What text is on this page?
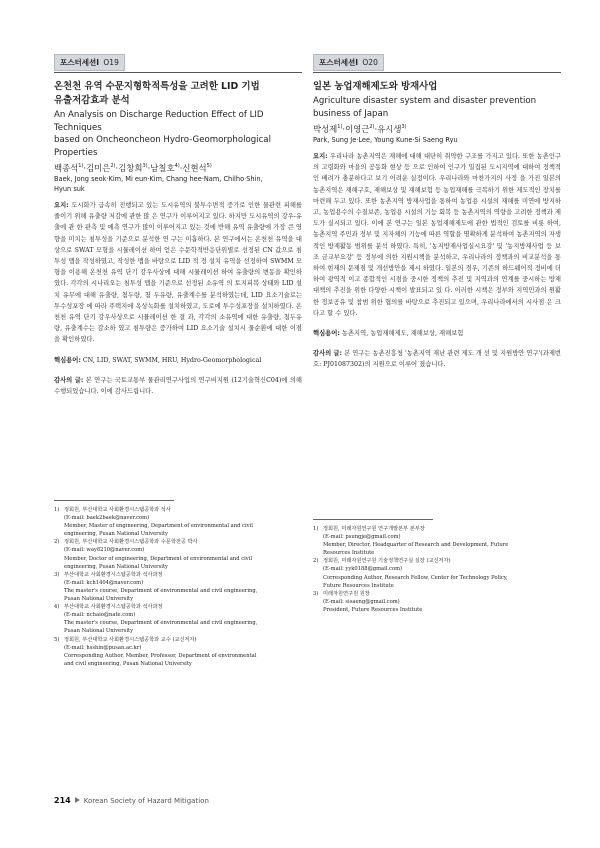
포스터세션Ⅰ O19
온천천 유역 수문지형학적특성을 고려한 LID 기법
유출저감효과 분석
An Analysis on Discharge Reduction Effect of LID Techniques
based on Oncheoncheon Hydro-Geomorphological
Properties
백종석$^{1)}$·김미은$^{2)}$·김창희$^{3)}$·남칠호$^{4)}$·신현석$^{5)}$
Baek, Jong seok·Kim, Mi eun·Kim, Chang hee·Nam, Chilho·Shin,
Hyun suk
요지: 도시화가 급속히 진행되고 있는 도시유역의 불투수면적 증가로 인한 물관련 피해를 줄이기 위해 유출량 저감에 관한 많 은 연구가 이루어지고 있다. 하지만 도시유역의 강우-유출에 관 한 관측 및 예측 연구가 많이 이루어지고 있는 것에 반해 유역 유출량에 가장 큰 영향을 미치는 침투성을 기준으로 분석한 연 구는 미흡하다. 본 연구에서는 온천천 유역을 대상으로 SWAT 모형을 시뮬레이션 하여 얻은 수문학적반응단위별로 선정된 CN 값으로 침투성 맵을 작성하였고, 작성한 맵을 바탕으로 LID 적 정 설치 유역을 선정하여 SWMM 모형을 이용해 온천천 유역 단기 강우사상에 대해 시뮬레이션 하여 유출량의 변동을 확인하 였다. 각각의 시나리오는 침투성 맵을 기준으로 선정된 소유역 의 토지피복 상태와 LID 설치 유무에 대해 유출량, 첨두량, 첨 두유량, 유출계수를 분석하였는데, LID 요소기술로는 투수성포장 에 따라 주택지에 옥상녹화를 설치하였고, 도로에 투수성포장을 설치하였다. 온천천 유역 단기 강우사상으로 시뮬레이션 한 결 과, 각각의 소유역에 대한 유출량, 첨두유량, 유출계수는 감소하 였고 침투량은 증가하여 LID 요소기술 설치시 물순환에 대한 이점을 확인하였다.
핵심용어: CN, LID, SWAT, SWMM, HRU, Hydro-Geomorphological
감사의 글: 본 연구는 국토교통부 물관리연구사업의 연구비지원 (12기술혁신C04)에 의해 수행되었습니다. 이에 감사드립니다.
1) 정회원, 부산대학교 사회환경시스템공학과 석사
(E-mail: baek2baek@naver.com)
Member, Master of engineering, Department of environmental and civil
engineering, Pusan National University
2) 정회원, 부산대학교 사회환경시스템공학과 수문학전공 박사
(E-mail: way8210@naver.com)
Member, Doctor of engineering, Department of environmental and civil
engineering, Pusan National University
3) 부산대학교 사회환경시스템공학과 석사과정
(E-mail: kch1404@naver.com)
The master's course, Department of environmental and civil engineering,
Pusan National University
4) 부산대학교 사회환경시스템공학과 석사과정
(E-mail: nchaio@nate.com)
The master's course, Department of environmental and civil engineering,
Pusan National University
5) 정회원, 부산대학교 사회환경시스템공학과 교수 (교신저자)
(E-mail: hsshin@pusan.ac.kr)
Corresponding Author, Member, Professor, Department of environmental
and civil engineering, Pusan National University
포스터세션Ⅰ O20
일본 농업재해제도와 방재사업
Agriculture disaster system and disaster prevention
business of Japan
박성제$^{1)}$·이영근$^{2)}$·유시생$^{3)}$
Park, Sung Je·Lee, Young Kune·Si Saeng Ryu
요지: 우리나라 농촌지역은 재해에 대해 대단히 취약한 구조를 가지고 있다. 또한 농촌인구의 고령화와 마을의 공동화 현상 등 으로 인하여 인구가 밀집된 도시지역에 대하여 정책적인 배려가 충분하다고 보기 어려운 실정이다. 우리나라와 마찬가지의 사정 을 가진 일본의 농촌지역은 재해구호, 재해보상 및 재해보험 등 농업재해를 극복하기 위한 제도적인 장치를 마련해 두고 있다. 또한 농촌지역 방재사업을 통하여 농업용 시설의 재해를 미연에 방지하고, 농업용수의 수질보존, 농업용 시설의 기능 회복 등 농촌지역의 역량을 고려한 정책과 제도가 실시되고 있다. 이에 본 연구는 일본 농업재해제도에 관한 법적인 검토를 비롯 하여, 농촌지역 주민과 정부 및 지자체의 기능에 따른 역할을 명확하게 분석하여 농촌지역의 자생적인 방재활동 범위를 분석 하였다. 특히, '농지방재사업실시요강' 및 '농지방재사업 등 보조 금교부요강' 등 정부에 의한 지원시책을 분석하고, 우리나라의 정책과의 비교분석을 통하여 현재의 문제점 및 개선방안을 제시 하였다. 일본의 경우, 기존의 하드웨어적 정비에 더하여 광역적 이고 종합적인 시점을 중시한 정책의 추진 및 지역과의 연계를 중시하는 방재대책의 추진을 위한 다양한 시책이 발표되고 있 다. 이러한 시책은 정부와 지역민과의 원활한 정보공유 및 참범 위한 협의를 바탕으로 추진되고 있으며, 우리나라에서의 시사점 은 크다고 할 수 있다.
핵심용어: 농촌지역, 농업재해제도, 재해보상, 재해보험
감사의 글: 본 연구는 농촌진흥청 '농촌지역 재난 관련 제도 개 선 및 지원방안 연구'(과제번호: PJ01087302)의 지원으로 이루어 졌습니다.
1) 정회원, 미래자원연구원 연구개발본부 본부장
(E-mail: psungje@gmail.com)
Member, Director, Headquarter of Research and Development, Future
Resources Institute
2) 정회원, 미래자원연구원 기술정책연구실 실장 (교신저자)
(E-mail: yyk0188@gmail.com)
Corresponding Author, Research Fellow, Center for Technology Policy,
Future Resources Institute
3) 미래자원연구원 원장
(E-mail: sisaeng@gmail.com)
President, Future Resources Institute
214 Korean Society of Hazard Mitigation
